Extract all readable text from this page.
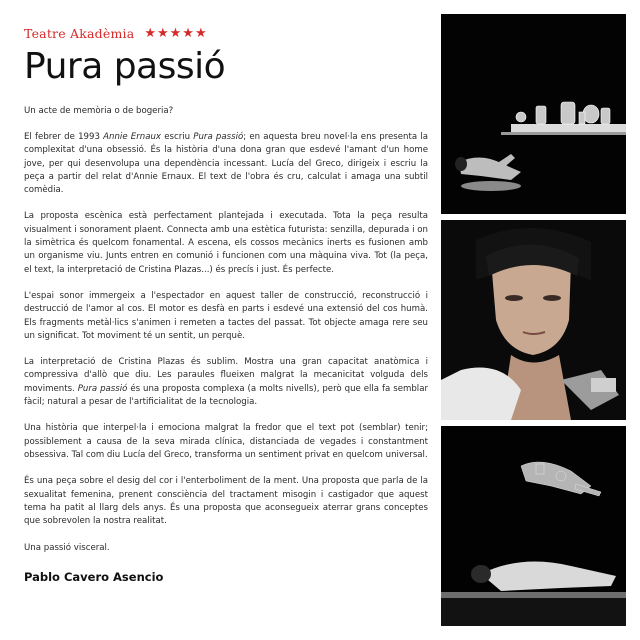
Teatre Akadèmia ★★★★★
Pura passió
Un acte de memòria o de bogeria?

El febrer de 1993 Annie Ernaux escriu Pura passió; en aquesta breu novel·la ens presenta la complexitat d'una obsessió. És la història d'una dona gran que esdevé l'amant d'un home jove, per qui desenvolupa una dependència incessant. Lucía del Greco, dirigeix i escriu la peça a partir del relat d'Annie Ernaux. El text de l'obra és cru, calculat i amaga una subtil comèdia.

La proposta escènica està perfectament plantejada i executada. Tota la peça resulta visualment i sonorament plaent. Connecta amb una estètica futurista: senzilla, depurada i on la simètrica és quelcom fonamental. A escena, els cossos mecànics inerts es fusionen amb un organisme viu. Junts entren en comunió i funcionen com una màquina viva. Tot (la peça, el text, la interpretació de Cristina Plazas...) és precís i just. És perfecte.

L'espai sonor immergeix a l'espectador en aquest taller de construcció, reconstrucció i destrucció de l'amor al cos. El motor es desfà en parts i esdevé una extensió del cos humà. Els fragments metàl·lics s'animen i remeten a tactes del passat. Tot objecte amaga rere seu un significat. Tot moviment té un sentit, un perquè.

La interpretació de Cristina Plazas és sublim. Mostra una gran capacitat anatòmica i compressiva d'allò que diu. Les paraules flueixen malgrat la mecanicitat volguda dels moviments. Pura passió és una proposta complexa (a molts nivells), però que ella fa semblar fàcil; natural a pesar de l'artificialitat de la tecnologia.

Una història que interpel·la i emociona malgrat la fredor que el text pot (semblar) tenir; possiblement a causa de la seva mirada clínica, distanciada de vegades i constantment obsessiva. Tal com diu Lucía del Greco, transforma un sentiment privat en quelcom universal.

És una peça sobre el desig del cor i l'enterboliment de la ment. Una proposta que parla de la sexualitat femenina, prenent consciència del tractament misogin i castigador que aquest tema ha patit al llarg dels anys. És una proposta que aconsegueix aterrar grans conceptes que sobrevolen la nostra realitat.

Una passió visceral.
Pablo Cavero Asencio
